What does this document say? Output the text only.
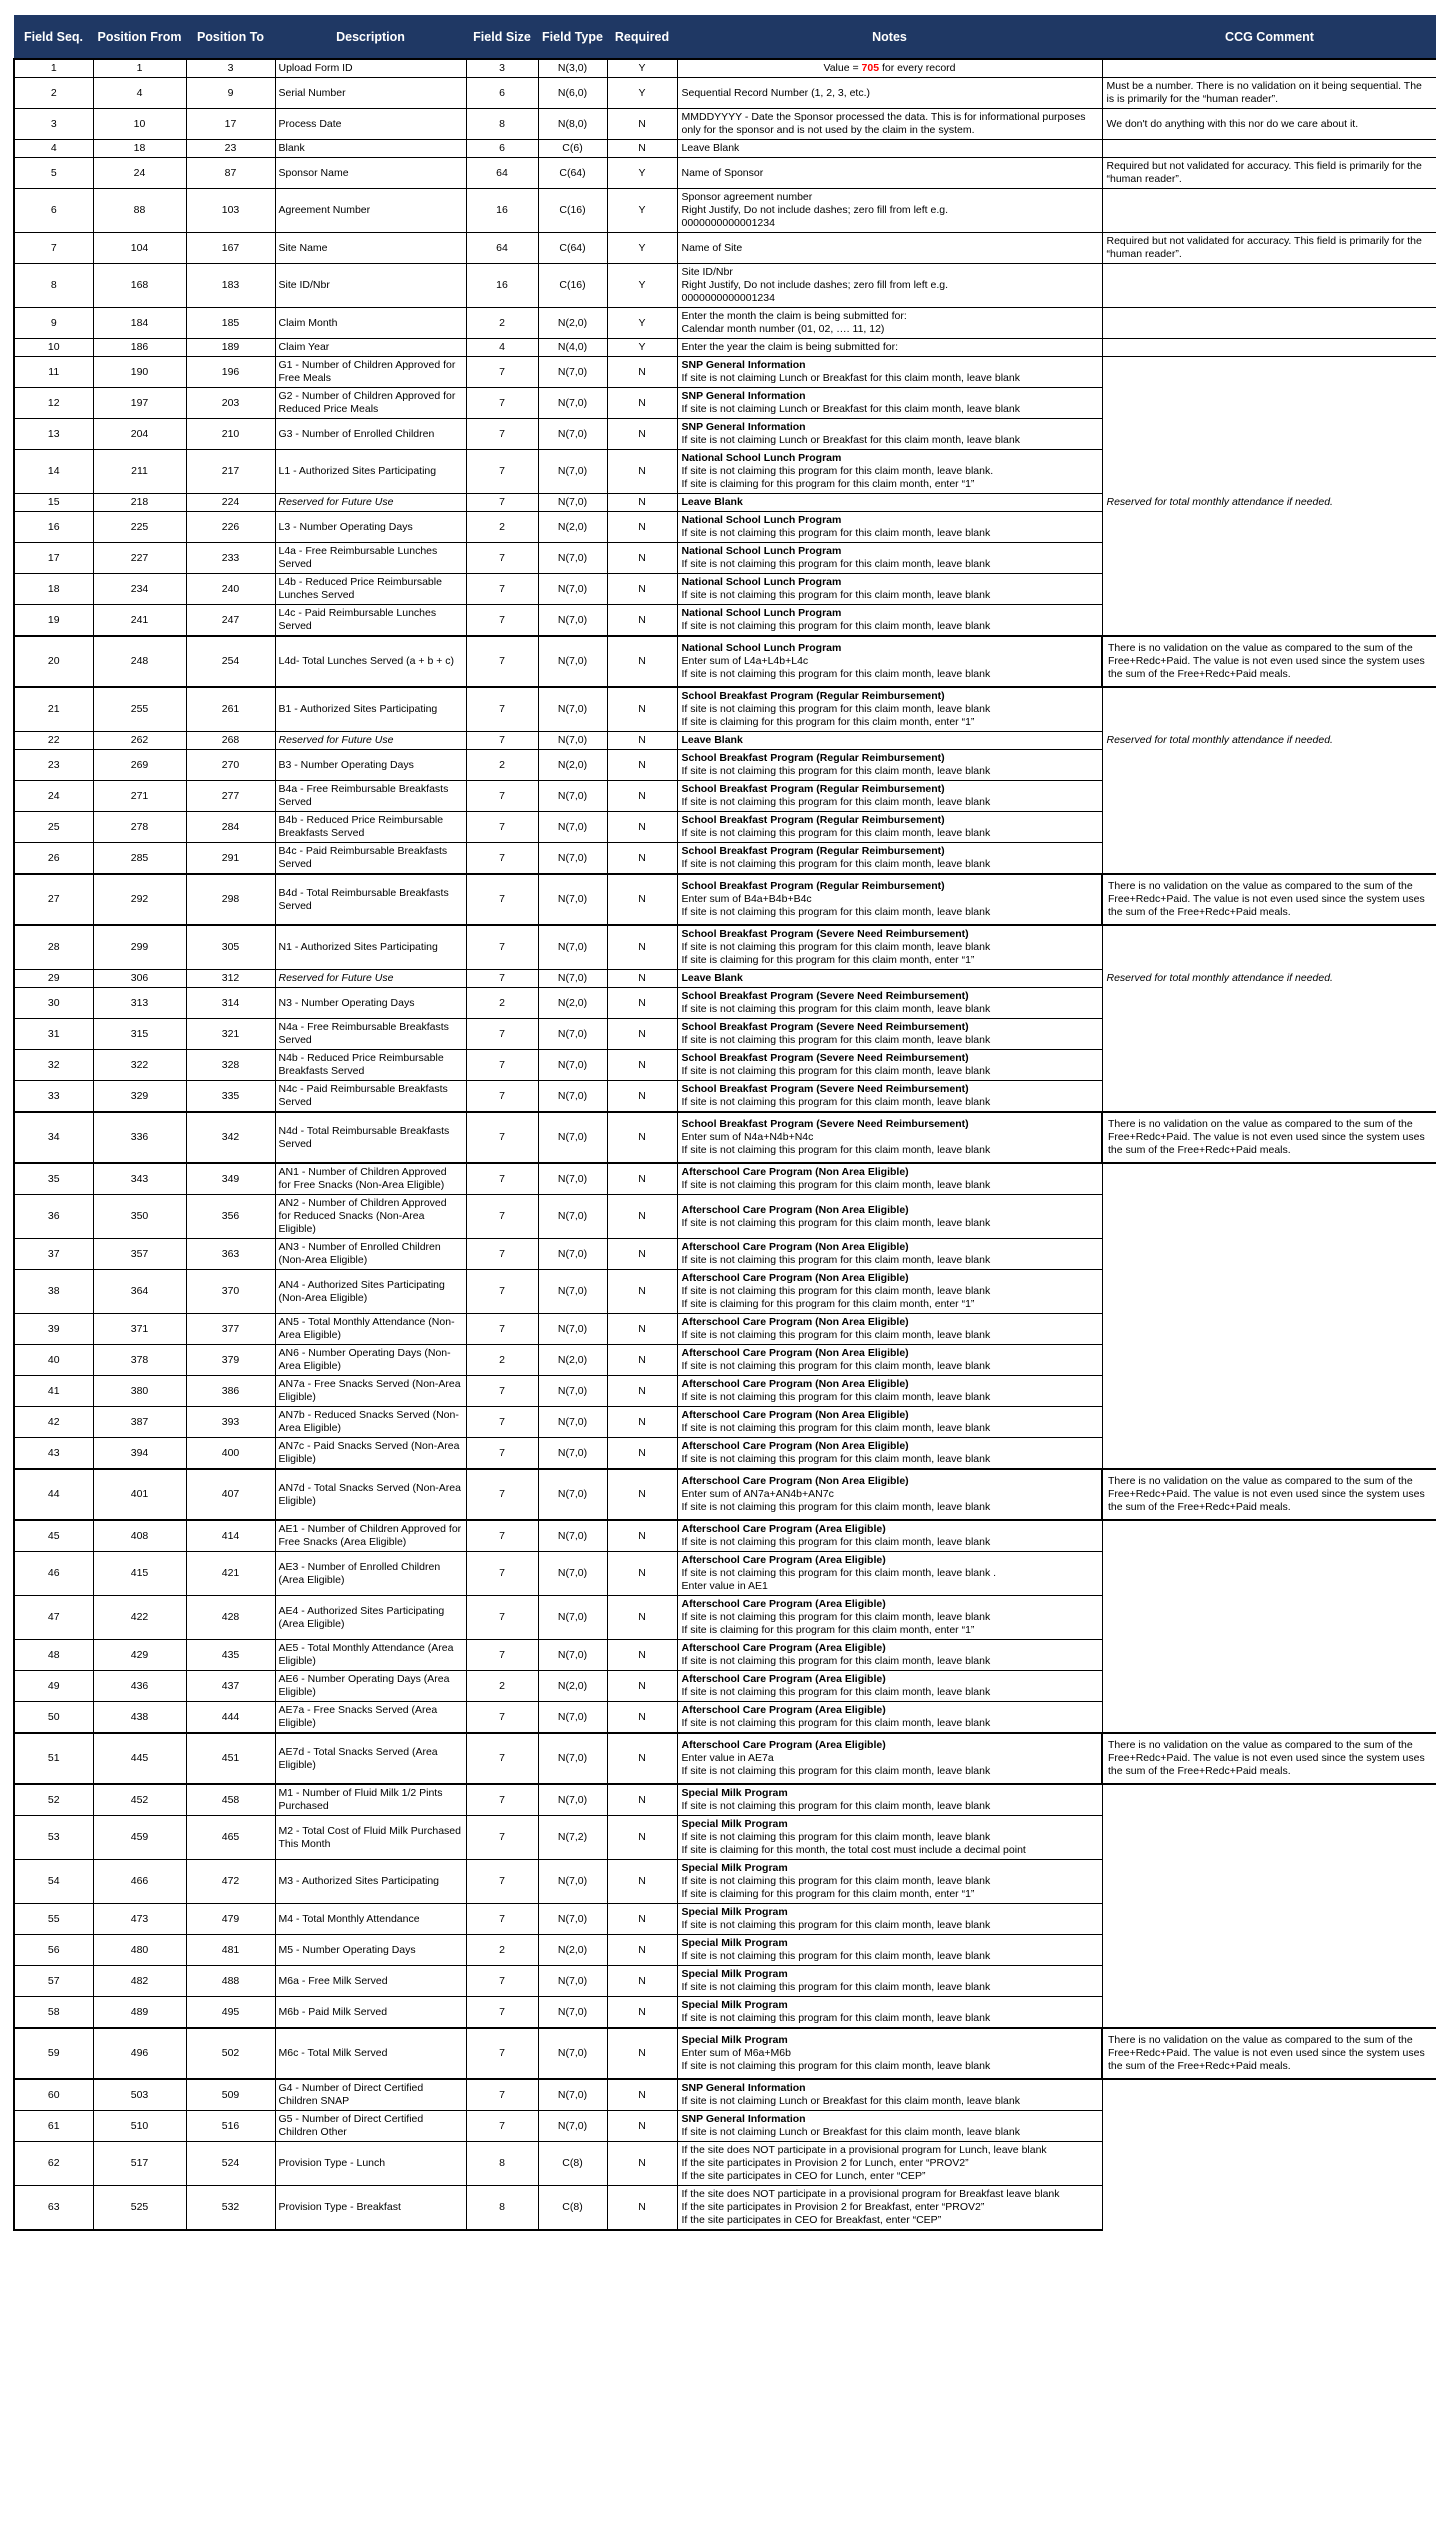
Field Seq.	Position From	Position To	Description	Field Size	Field Type	Required	Notes	CCG Comment
1	1	3	Upload Form ID	3	N(3,0)	Y	Value = 705 for every record	

2	4	9	Serial Number	6	N(6,0)	Y	Sequential Record Number (1, 2, 3, etc.)	Must be a number. There is no validation on it being sequential. The is is primarily for the “human reader”.
3	10	17	Process Date	8	N(8,0)	N	MMDDYYYY - Date the Sponsor processed the data. This is for informational purposes only for the sponsor and is not used by the claim in the system.	We don't do anything with this nor do we care about it.
4	18	23	Blank	6	C(6)	N	Leave Blank	

5	24	87	Sponsor Name	64	C(64)	Y	Name of Sponsor	Required but not validated for accuracy. This field is primarily for the “human reader”.
6	88	103	Agreement Number	16	C(16)	Y	Sponsor agreement number
Right Justify, Do not include dashes; zero fill from left e.g.
0000000000001234	

7	104	167	Site Name	64	C(64)	Y	Name of Site	Required but not validated for accuracy. This field is primarily for the “human reader”.
8	168	183	Site ID/Nbr	16	C(16)	Y	Site ID/Nbr
Right Justify, Do not include dashes; zero fill from left e.g.
0000000000001234	

9	184	185	Claim Month	2	N(2,0)	Y	Enter the month the claim is being submitted for:
Calendar month number (01, 02, …. 11, 12)	

10	186	189	Claim Year	4	N(4,0)	Y	Enter the year the claim is being submitted for:	

11	190	196	G1 - Number of Children Approved for Free Meals	7	N(7,0)	N	SNP General Information
If site is not claiming Lunch or Breakfast for this claim month, leave blank	

12	197	203	G2 - Number of Children Approved for Reduced Price Meals	7	N(7,0)	N	SNP General Information
If site is not claiming Lunch or Breakfast for this claim month, leave blank	

13	204	210	G3 - Number of Enrolled Children	7	N(7,0)	N	SNP General Information
If site is not claiming Lunch or Breakfast for this claim month, leave blank	

14	211	217	L1 - Authorized Sites Participating	7	N(7,0)	N	National School Lunch Program
If site is not claiming this program for this claim month, leave blank.
If site is claiming for this program for this claim month, enter “1”	

15	218	224	Reserved for Future Use	7	N(7,0)	N	Leave Blank	Reserved for total monthly attendance if needed.
16	225	226	L3 - Number Operating Days	2	N(2,0)	N	National School Lunch Program
If site is not claiming this program for this claim month, leave blank	

17	227	233	L4a - Free Reimbursable Lunches Served	7	N(7,0)	N	National School Lunch Program
If site is not claiming this program for this claim month, leave blank	

18	234	240	L4b - Reduced Price Reimbursable Lunches Served	7	N(7,0)	N	National School Lunch Program
If site is not claiming this program for this claim month, leave blank	

19	241	247	L4c - Paid Reimbursable Lunches Served	7	N(7,0)	N	National School Lunch Program
If site is not claiming this program for this claim month, leave blank	

20	248	254	L4d- Total Lunches Served (a + b + c)	7	N(7,0)	N	National School Lunch Program
Enter sum of L4a+L4b+L4c
If site is not claiming this program for this claim month, leave blank	There is no validation on the value as compared to the sum of the Free+Redc+Paid. The value is not even used since the system uses the sum of the Free+Redc+Paid meals.
21	255	261	B1 - Authorized Sites Participating	7	N(7,0)	N	School Breakfast Program (Regular Reimbursement)
If site is not claiming this program for this claim month, leave blank
If site is claiming for this program for this claim month, enter “1”	

22	262	268	Reserved for Future Use	7	N(7,0)	N	Leave Blank	Reserved for total monthly attendance if needed.
23	269	270	B3 - Number Operating Days	2	N(2,0)	N	School Breakfast Program (Regular Reimbursement)
If site is not claiming this program for this claim month, leave blank	

24	271	277	B4a - Free Reimbursable Breakfasts Served	7	N(7,0)	N	School Breakfast Program (Regular Reimbursement)
If site is not claiming this program for this claim month, leave blank	

25	278	284	B4b - Reduced Price Reimbursable Breakfasts Served	7	N(7,0)	N	School Breakfast Program (Regular Reimbursement)
If site is not claiming this program for this claim month, leave blank	

26	285	291	B4c - Paid Reimbursable Breakfasts Served	7	N(7,0)	N	School Breakfast Program (Regular Reimbursement)
If site is not claiming this program for this claim month, leave blank	

27	292	298	B4d - Total Reimbursable Breakfasts Served	7	N(7,0)	N	School Breakfast Program (Regular Reimbursement)
Enter sum of B4a+B4b+B4c
If site is not claiming this program for this claim month, leave blank	There is no validation on the value as compared to the sum of the Free+Redc+Paid. The value is not even used since the system uses the sum of the Free+Redc+Paid meals.
28	299	305	N1 - Authorized Sites Participating	7	N(7,0)	N	School Breakfast Program (Severe Need Reimbursement)
If site is not claiming this program for this claim month, leave blank
If site is claiming for this program for this claim month, enter “1”	

29	306	312	Reserved for Future Use	7	N(7,0)	N	Leave Blank	Reserved for total monthly attendance if needed.
30	313	314	N3 - Number Operating Days	2	N(2,0)	N	School Breakfast Program (Severe Need Reimbursement)
If site is not claiming this program for this claim month, leave blank	

31	315	321	N4a - Free Reimbursable Breakfasts Served	7	N(7,0)	N	School Breakfast Program (Severe Need Reimbursement)
If site is not claiming this program for this claim month, leave blank	

32	322	328	N4b - Reduced Price Reimbursable Breakfasts Served	7	N(7,0)	N	School Breakfast Program (Severe Need Reimbursement)
If site is not claiming this program for this claim month, leave blank	

33	329	335	N4c - Paid Reimbursable Breakfasts Served	7	N(7,0)	N	School Breakfast Program (Severe Need Reimbursement)
If site is not claiming this program for this claim month, leave blank	

34	336	342	N4d - Total Reimbursable Breakfasts Served	7	N(7,0)	N	School Breakfast Program (Severe Need Reimbursement)
Enter sum of N4a+N4b+N4c
If site is not claiming this program for this claim month, leave blank	There is no validation on the value as compared to the sum of the Free+Redc+Paid. The value is not even used since the system uses the sum of the Free+Redc+Paid meals.
35	343	349	AN1 - Number of Children Approved for Free Snacks (Non-Area Eligible)	7	N(7,0)	N	Afterschool Care Program (Non Area Eligible)
If site is not claiming this program for this claim month, leave blank	

36	350	356	AN2 - Number of Children Approved for Reduced Snacks (Non-Area Eligible)	7	N(7,0)	N	Afterschool Care Program (Non Area Eligible)
If site is not claiming this program for this claim month, leave blank	

37	357	363	AN3 - Number of Enrolled Children (Non-Area Eligible)	7	N(7,0)	N	Afterschool Care Program (Non Area Eligible)
If site is not claiming this program for this claim month, leave blank	

38	364	370	AN4 - Authorized Sites Participating (Non-Area Eligible)	7	N(7,0)	N	Afterschool Care Program (Non Area Eligible)
If site is not claiming this program for this claim month, leave blank
If site is claiming for this program for this claim month, enter “1”	

39	371	377	AN5 - Total Monthly Attendance (Non-Area Eligible)	7	N(7,0)	N	Afterschool Care Program (Non Area Eligible)
If site is not claiming this program for this claim month, leave blank	

40	378	379	AN6 - Number Operating Days (Non-Area Eligible)	2	N(2,0)	N	Afterschool Care Program (Non Area Eligible)
If site is not claiming this program for this claim month, leave blank	

41	380	386	AN7a - Free Snacks Served (Non-Area Eligible)	7	N(7,0)	N	Afterschool Care Program (Non Area Eligible)
If site is not claiming this program for this claim month, leave blank	

42	387	393	AN7b - Reduced Snacks Served (Non-Area Eligible)	7	N(7,0)	N	Afterschool Care Program (Non Area Eligible)
If site is not claiming this program for this claim month, leave blank	

43	394	400	AN7c - Paid Snacks Served (Non-Area Eligible)	7	N(7,0)	N	Afterschool Care Program (Non Area Eligible)
If site is not claiming this program for this claim month, leave blank	

44	401	407	AN7d - Total Snacks Served (Non-Area Eligible)	7	N(7,0)	N	Afterschool Care Program (Non Area Eligible)
Enter sum of AN7a+AN4b+AN7c
If site is not claiming this program for this claim month, leave blank	There is no validation on the value as compared to the sum of the Free+Redc+Paid. The value is not even used since the system uses the sum of the Free+Redc+Paid meals.
45	408	414	AE1 - Number of Children Approved for Free Snacks (Area Eligible)	7	N(7,0)	N	Afterschool Care Program (Area Eligible)
If site is not claiming this program for this claim month, leave blank	

46	415	421	AE3 - Number of Enrolled Children (Area Eligible)	7	N(7,0)	N	Afterschool Care Program (Area Eligible)
If site is not claiming this program for this claim month, leave blank .
Enter value in AE1	

47	422	428	AE4 - Authorized Sites Participating (Area Eligible)	7	N(7,0)	N	Afterschool Care Program (Area Eligible)
If site is not claiming this program for this claim month, leave blank
If site is claiming for this program for this claim month, enter “1”	

48	429	435	AE5 - Total Monthly Attendance (Area Eligible)	7	N(7,0)	N	Afterschool Care Program (Area Eligible)
If site is not claiming this program for this claim month, leave blank	

49	436	437	AE6 - Number Operating Days (Area Eligible)	2	N(2,0)	N	Afterschool Care Program (Area Eligible)
If site is not claiming this program for this claim month, leave blank	

50	438	444	AE7a - Free Snacks Served (Area Eligible)	7	N(7,0)	N	Afterschool Care Program (Area Eligible)
If site is not claiming this program for this claim month, leave blank	

51	445	451	AE7d - Total Snacks Served (Area Eligible)	7	N(7,0)	N	Afterschool Care Program (Area Eligible)
Enter value in AE7a
If site is not claiming this program for this claim month, leave blank	There is no validation on the value as compared to the sum of the Free+Redc+Paid. The value is not even used since the system uses the sum of the Free+Redc+Paid meals.
52	452	458	M1 - Number of Fluid Milk 1/2 Pints Purchased	7	N(7,0)	N	Special Milk Program
If site is not claiming this program for this claim month, leave blank	

53	459	465	M2 - Total Cost of Fluid Milk Purchased This Month	7	N(7,2)	N	Special Milk Program
If site is not claiming this program for this claim month, leave blank
If site is claiming for this month, the total cost must include a decimal point	

54	466	472	M3 - Authorized Sites Participating	7	N(7,0)	N	Special Milk Program
If site is not claiming this program for this claim month, leave blank
If site is claiming for this program for this claim month, enter “1”	

55	473	479	M4 - Total Monthly Attendance	7	N(7,0)	N	Special Milk Program
If site is not claiming this program for this claim month, leave blank	

56	480	481	M5 - Number Operating Days	2	N(2,0)	N	Special Milk Program
If site is not claiming this program for this claim month, leave blank	

57	482	488	M6a - Free Milk Served	7	N(7,0)	N	Special Milk Program
If site is not claiming this program for this claim month, leave blank	

58	489	495	M6b - Paid Milk Served	7	N(7,0)	N	Special Milk Program
If site is not claiming this program for this claim month, leave blank	

59	496	502	M6c - Total Milk Served	7	N(7,0)	N	Special Milk Program
Enter sum of M6a+M6b
If site is not claiming this program for this claim month, leave blank	There is no validation on the value as compared to the sum of the Free+Redc+Paid. The value is not even used since the system uses the sum of the Free+Redc+Paid meals.
60	503	509	G4 - Number of Direct Certified Children SNAP	7	N(7,0)	N	SNP General Information
If site is not claiming Lunch or Breakfast for this claim month, leave blank	

61	510	516	G5 - Number of Direct Certified Children Other	7	N(7,0)	N	SNP General Information
If site is not claiming Lunch or Breakfast for this claim month, leave blank	

62	517	524	Provision Type - Lunch	8	C(8)	N	If the site does NOT participate in a provisional program for Lunch, leave blank
If the site participates in Provision 2 for Lunch, enter “PROV2”
If the site participates in CEO for Lunch, enter “CEP”	

63	525	532	Provision Type - Breakfast	8	C(8)	N	If the site does NOT participate in a provisional program for Breakfast leave blank
If the site participates in Provision 2 for Breakfast, enter “PROV2”
If the site participates in CEO for Breakfast, enter “CEP”	
